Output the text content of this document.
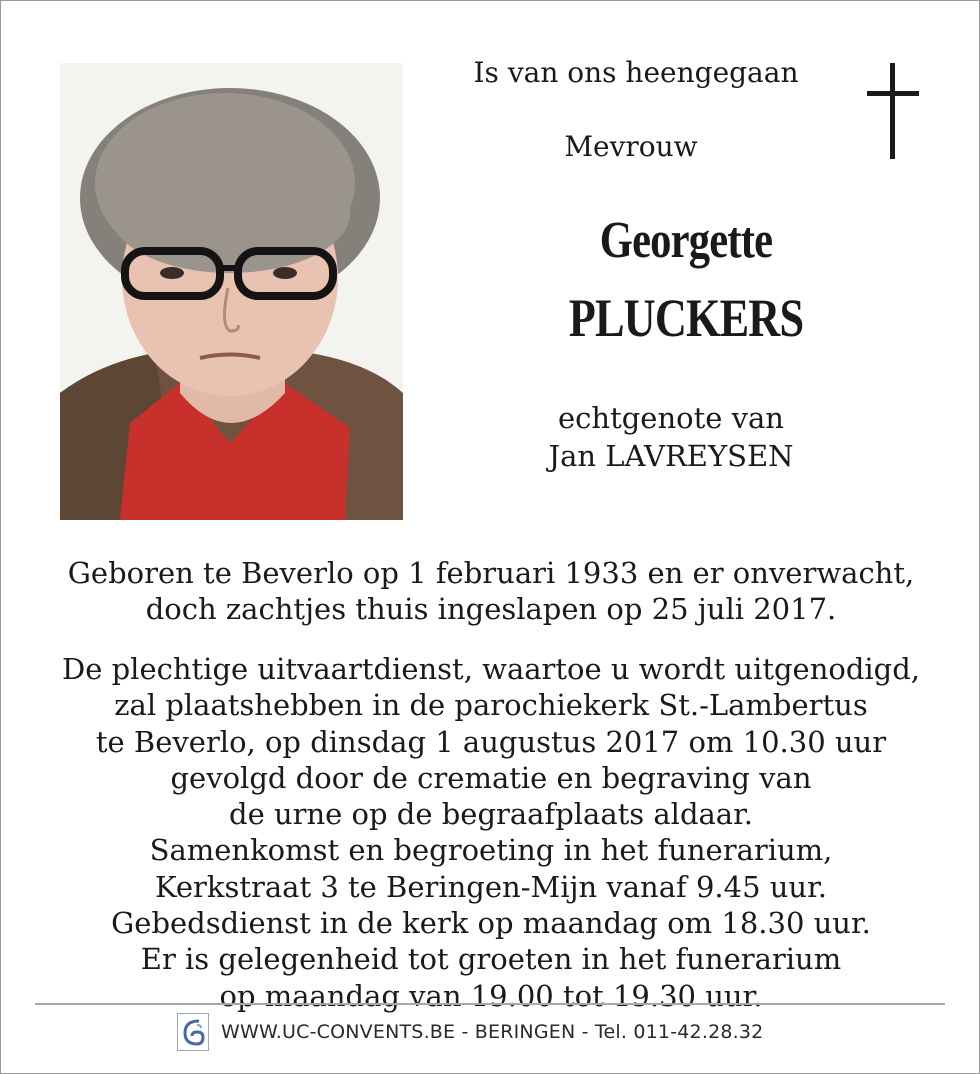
Is van ons heengegaan
Mevrouw
Georgette
PLUCKERS
echtgenote van
Jan LAVREYSEN
Geboren te Beverlo op 1 februari 1933 en er onverwacht,
doch zachtjes thuis ingeslapen op 25 juli 2017.
De plechtige uitvaartdienst, waartoe u wordt uitgenodigd,
zal plaatshebben in de parochiekerk St.-Lambertus
te Beverlo, op dinsdag 1 augustus 2017 om 10.30 uur
gevolgd door de crematie en begraving van
de urne op de begraafplaats aldaar.
Samenkomst en begroeting in het funerarium,
Kerkstraat 3 te Beringen-Mijn vanaf 9.45 uur.
Gebedsdienst in de kerk op maandag om 18.30 uur.
Er is gelegenheid tot groeten in het funerarium
op maandag van 19.00 tot 19.30 uur.
WWW.UC-CONVENTS.BE - BERINGEN - Tel. 011-42.28.32
